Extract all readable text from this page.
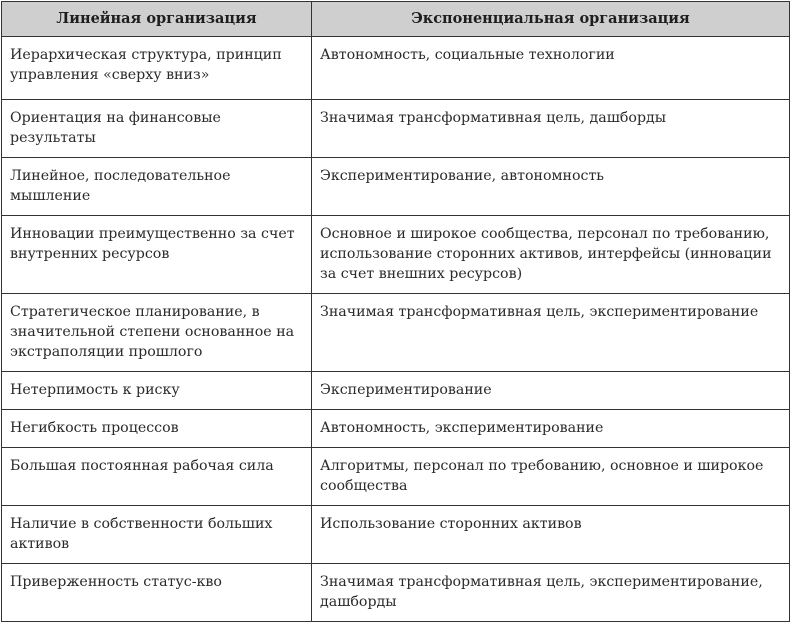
Линейная организация	Экспоненциальная организация
Иерархическая структура, принцип управления «сверху вниз»	Автономность, социальные технологии
Ориентация на финансовые результаты	Значимая трансформативная цель, дашборды
Линейное, последовательное мышление	Экспериментирование, автономность
Инновации преимущественно за счет внутренних ресурсов	Основное и широкое сообщества, персонал по требованию, использование сторонних активов, интерфейсы (инновации за счет внешних ресурсов)
Стратегическое планирование, в значительной степени основанное на экстраполяции прошлого	Значимая трансформативная цель, экспериментирование
Нетерпимость к риску	Экспериментирование
Негибкость процессов	Автономность, экспериментирование
Большая постоянная рабочая сила	Алгоритмы, персонал по требованию, основное и широкое сообщества
Наличие в собственности больших активов	Использование сторонних активов
Приверженность статус-кво	Значимая трансформативная цель, экспериментирование, дашборды
